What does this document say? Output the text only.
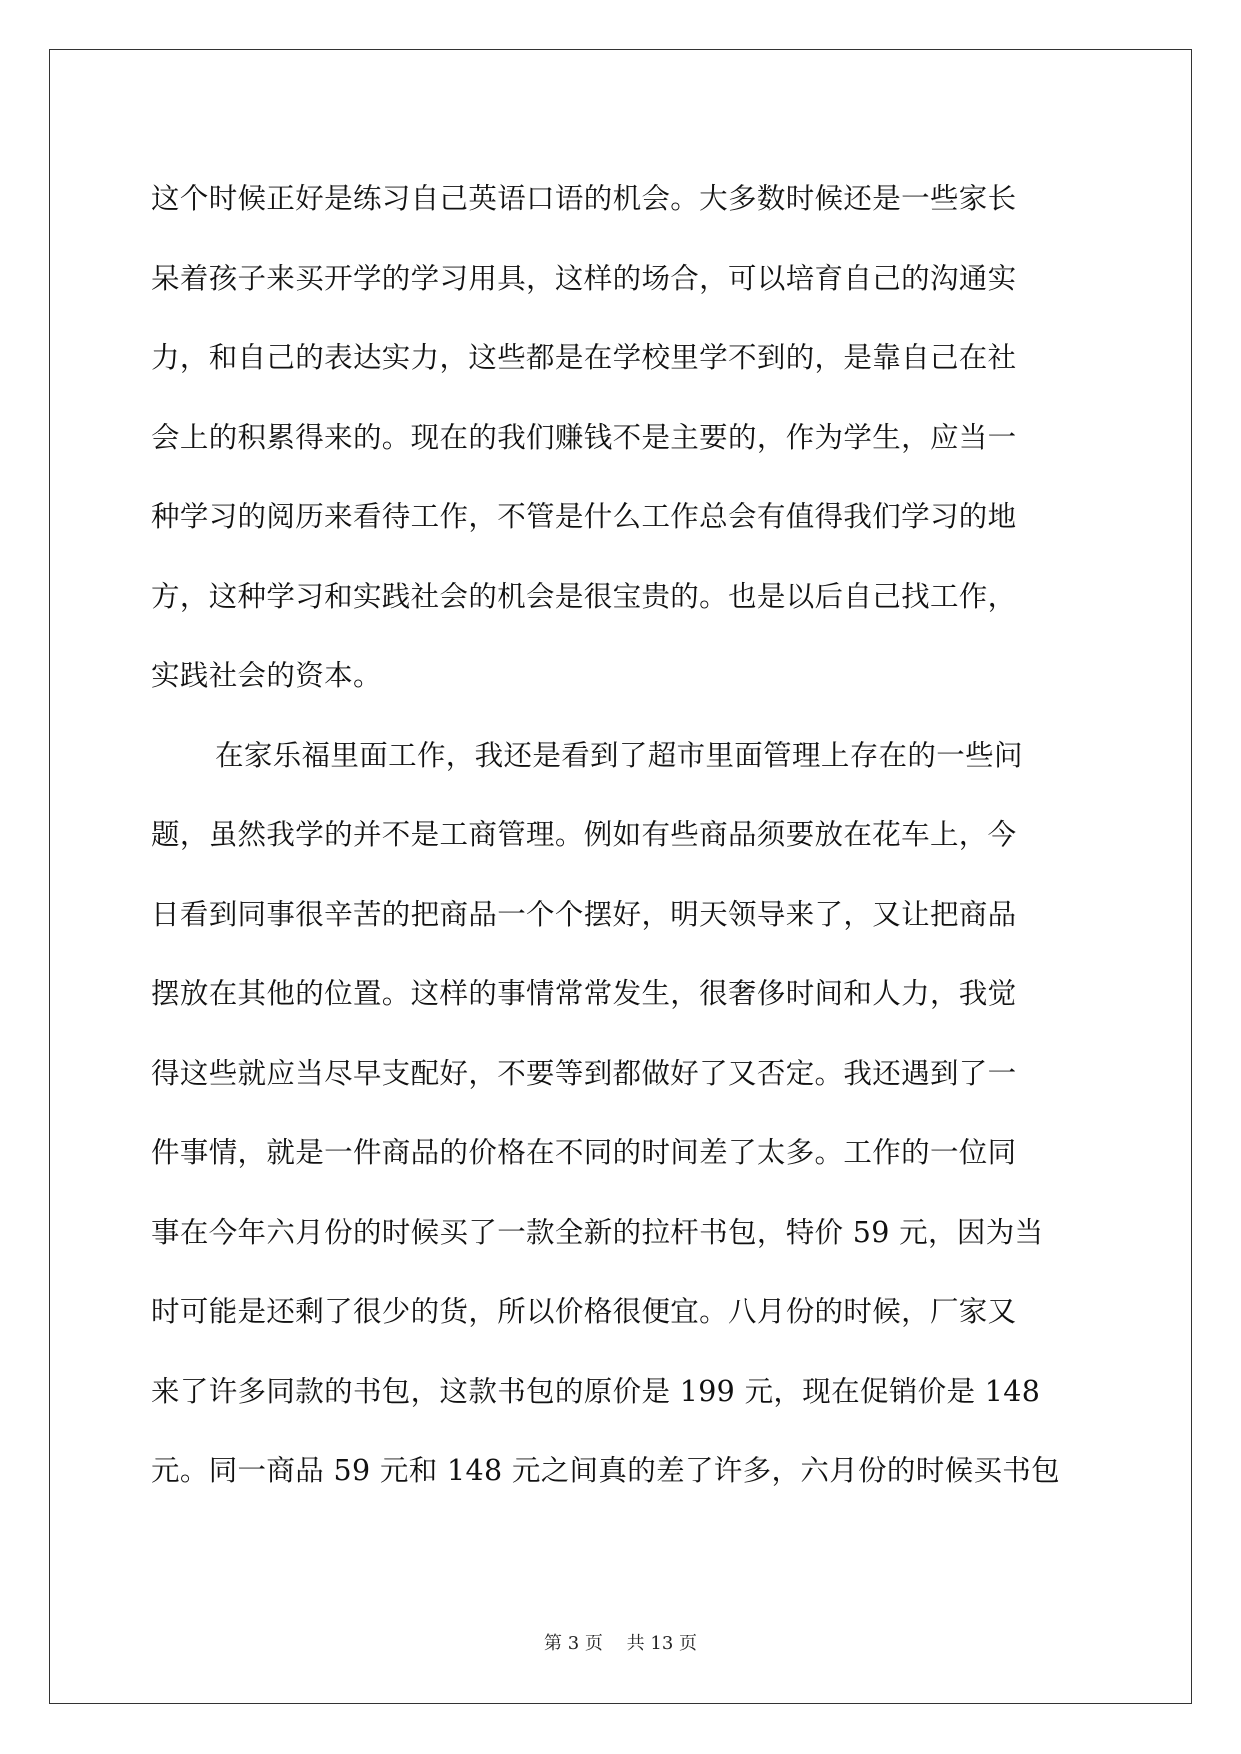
这个时候正好是练习自己英语口语的机会。大多数时候还是一些家长
呆着孩子来买开学的学习用具，这样的场合，可以培育自己的沟通实
力，和自己的表达实力，这些都是在学校里学不到的，是靠自己在社
会上的积累得来的。现在的我们赚钱不是主要的，作为学生，应当一
种学习的阅历来看待工作，不管是什么工作总会有值得我们学习的地
方，这种学习和实践社会的机会是很宝贵的。也是以后自己找工作，
实践社会的资本。
在家乐福里面工作，我还是看到了超市里面管理上存在的一些问
题，虽然我学的并不是工商管理。例如有些商品须要放在花车上，今
日看到同事很辛苦的把商品一个个摆好，明天领导来了，又让把商品
摆放在其他的位置。这样的事情常常发生，很奢侈时间和人力，我觉
得这些就应当尽早支配好，不要等到都做好了又否定。我还遇到了一
件事情，就是一件商品的价格在不同的时间差了太多。工作的一位同
事在今年六月份的时候买了一款全新的拉杆书包，特价 59 元，因为当
时可能是还剩了很少的货，所以价格很便宜。八月份的时候，厂家又
来了许多同款的书包，这款书包的原价是 199 元，现在促销价是 148
元。同一商品 59 元和 148 元之间真的差了许多，六月份的时候买书包
第 3 页 共 13 页
